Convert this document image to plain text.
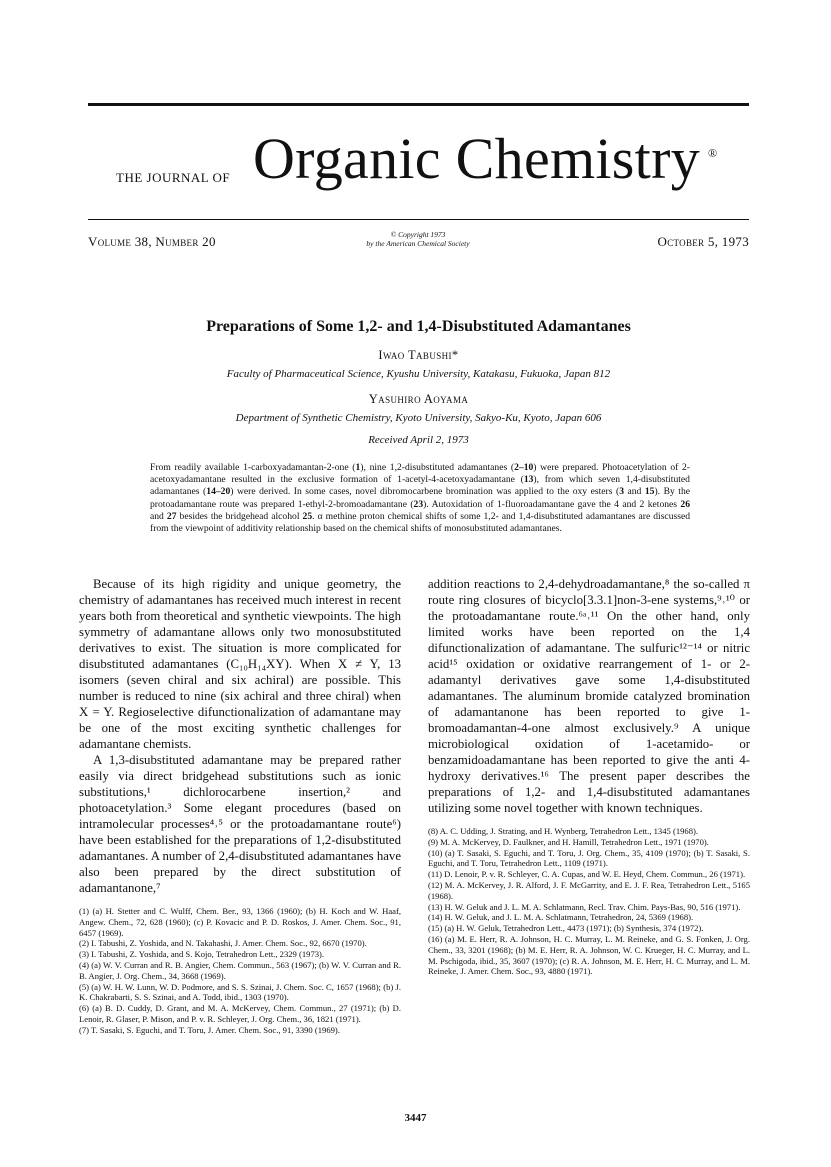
THE JOURNAL OF Organic Chemistry ®
Volume 38, Number 20	© Copyright 1973
by the American Chemical Society	October 5, 1973
Preparations of Some 1,2- and 1,4-Disubstituted Adamantanes
Iwao Tabushi*
Faculty of Pharmaceutical Science, Kyushu University, Katakasu, Fukuoka, Japan 812
Yasuhiro Aoyama
Department of Synthetic Chemistry, Kyoto University, Sakyo-Ku, Kyoto, Japan 606
Received April 2, 1973

From readily available 1-carboxyadamantan-2-one (1), nine 1,2-disubstituted adamantanes (2–10) were prepared. Photoacetylation of 2-acetoxyadamantane resulted in the exclusive formation of 1-acetyl-4-acetoxyadamantane (13), from which seven 1,4-disubstituted adamantanes (14–20) were derived. In some cases, novel dibromocarbene bromination was applied to the oxy esters (3 and 15). By the protoadamantane route was prepared 1-ethyl-2-bromoadamantane (23). Autoxidation of 1-fluoroadamantane gave the 4 and 2 ketones 26 and 27 besides the bridgehead alcohol 25. α methine proton chemical shifts of some 1,2- and 1,4-disubstituted adamantanes are discussed from the viewpoint of additivity relationship based on the chemical shifts of monosubstituted adamantanes.

Because of its high rigidity and unique geometry, the chemistry of adamantanes has received much interest in recent years both from theoretical and synthetic viewpoints. The high symmetry of adamantane allows only two monosubstituted derivatives to exist. The situation is more complicated for disubstituted adamantanes (C₁₀H₁₄XY). When X ≠ Y, 13 isomers (seven chiral and six achiral) are possible. This number is reduced to nine (six achiral and three chiral) when X = Y. Regioselective difunctionalization of adamantane may be one of the most exciting synthetic challenges for adamantane chemists.

A 1,3-disubstituted adamantane may be prepared rather easily via direct bridgehead substitutions such as ionic substitutions,¹ dichlorocarbene insertion,² and photoacetylation.³ Some elegant procedures (based on intramolecular processes⁴˒⁵ or the protoadamantane route⁶) have been established for the preparations of 1,2-disubstituted adamantanes. A number of 2,4-disubstituted adamantanes have also been prepared by the direct substitution of adamantanone,⁷

(1) (a) H. Stetter and C. Wulff, Chem. Ber., 93, 1366 (1960); (b) H. Koch and W. Haaf, Angew. Chem., 72, 628 (1960); (c) P. Kovacic and P. D. Roskos, J. Amer. Chem. Soc., 91, 6457 (1969).

(2) I. Tabushi, Z. Yoshida, and N. Takahashi, J. Amer. Chem. Soc., 92, 6670 (1970).

(3) I. Tabushi, Z. Yoshida, and S. Kojo, Tetrahedron Lett., 2329 (1973).

(4) (a) W. V. Curran and R. B. Angier, Chem. Commun., 563 (1967); (b) W. V. Curran and R. B. Angier, J. Org. Chem., 34, 3668 (1969).

(5) (a) W. H. W. Lunn, W. D. Podmore, and S. S. Szinai, J. Chem. Soc. C, 1657 (1968); (b) J. K. Chakrabarti, S. S. Szinai, and A. Todd, ibid., 1303 (1970).

(6) (a) B. D. Cuddy, D. Grant, and M. A. McKervey, Chem. Commun., 27 (1971); (b) D. Lenoir, R. Glaser, P. Mison, and P. v. R. Schleyer, J. Org. Chem., 36, 1821 (1971).

(7) T. Sasaki, S. Eguchi, and T. Toru, J. Amer. Chem. Soc., 91, 3390 (1969).

addition reactions to 2,4-dehydroadamantane,⁸ the so-called π route ring closures of bicyclo[3.3.1]non-3-ene systems,⁹˒¹⁰ or the protoadamantane route.⁶ᵃ˒¹¹ On the other hand, only limited works have been reported on the 1,4 difunctionalization of adamantane. The sulfuric¹²⁻¹⁴ or nitric acid¹⁵ oxidation or oxidative rearrangement of 1- or 2-adamantyl derivatives gave some 1,4-disubstituted adamantanes. The aluminum bromide catalyzed bromination of adamantanone has been reported to give 1-bromoadamantan-4-one almost exclusively.⁹ A unique microbiological oxidation of 1-acetamido- or benzamidoadamantane has been reported to give the anti 4-hydroxy derivatives.¹⁶ The present paper describes the preparations of 1,2- and 1,4-disubstituted adamantanes utilizing some novel together with known techniques.

(8) A. C. Udding, J. Strating, and H. Wynberg, Tetrahedron Lett., 1345 (1968).

(9) M. A. McKervey, D. Faulkner, and H. Hamill, Tetrahedron Lett., 1971 (1970).

(10) (a) T. Sasaki, S. Eguchi, and T. Toru, J. Org. Chem., 35, 4109 (1970); (b) T. Sasaki, S. Eguchi, and T. Toru, Tetrahedron Lett., 1109 (1971).

(11) D. Lenoir, P. v. R. Schleyer, C. A. Cupas, and W. E. Heyd, Chem. Commun., 26 (1971).

(12) M. A. McKervey, J. R. Alford, J. F. McGarrity, and E. J. F. Rea, Tetrahedron Lett., 5165 (1968).

(13) H. W. Geluk and J. L. M. A. Schlatmann, Recl. Trav. Chim. Pays-Bas, 90, 516 (1971).

(14) H. W. Geluk, and J. L. M. A. Schlatmann, Tetrahedron, 24, 5369 (1968).

(15) (a) H. W. Geluk, Tetrahedron Lett., 4473 (1971); (b) Synthesis, 374 (1972).

(16) (a) M. E. Herr, R. A. Johnson, H. C. Murray, L. M. Reineke, and G. S. Fonken, J. Org. Chem., 33, 3201 (1968); (b) M. E. Herr, R. A. Johnson, W. C. Krueger, H. C. Murray, and L. M. Pschigoda, ibid., 35, 3607 (1970); (c) R. A. Johnson, M. E. Herr, H. C. Murray, and L. M. Reineke, J. Amer. Chem. Soc., 93, 4880 (1971).

3447
